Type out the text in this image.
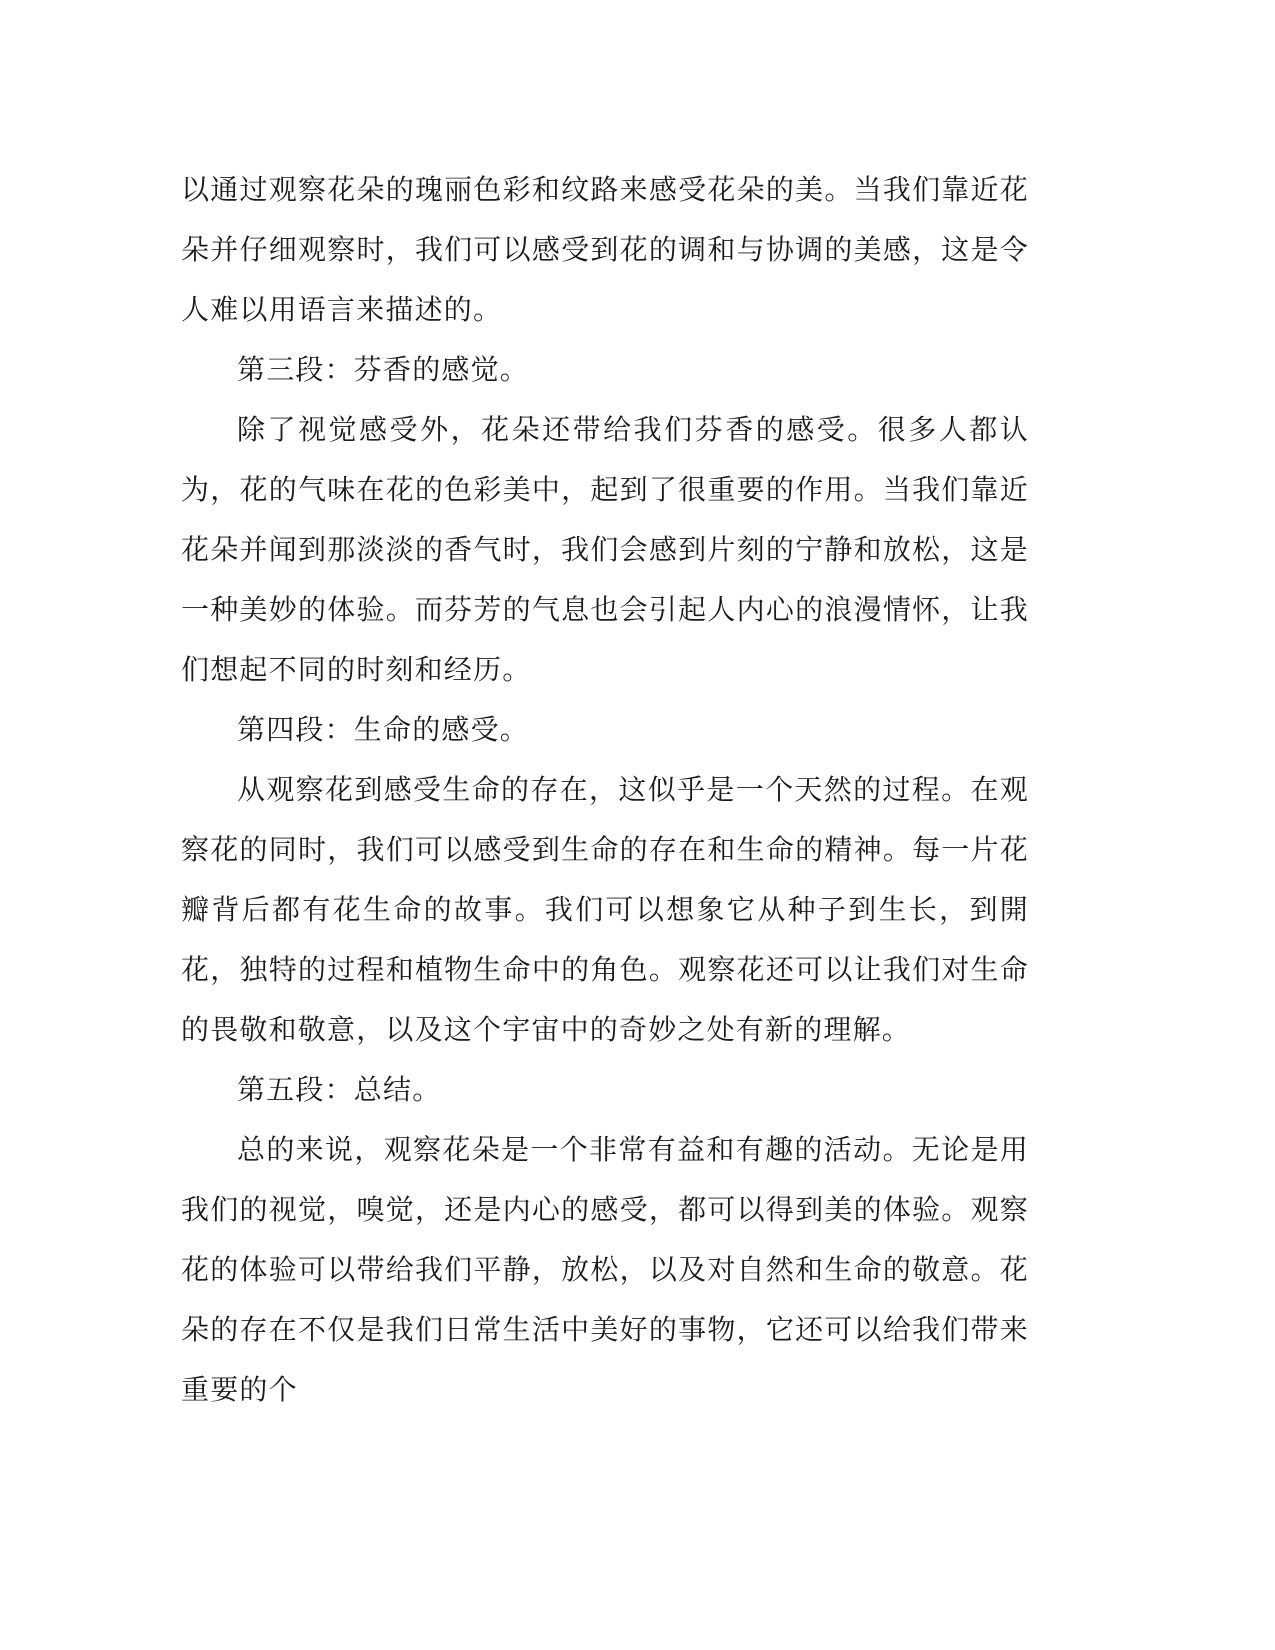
以通过观察花朵的瑰丽色彩和纹路来感受花朵的美。当我们靠近花朵并仔细观察时，我们可以感受到花的调和与协调的美感，这是令人难以用语言来描述的。

第三段：芬香的感觉。

除了视觉感受外，花朵还带给我们芬香的感受。很多人都认为，花的气味在花的色彩美中，起到了很重要的作用。当我们靠近花朵并闻到那淡淡的香气时，我们会感到片刻的宁静和放松，这是一种美妙的体验。而芬芳的气息也会引起人内心的浪漫情怀，让我们想起不同的时刻和经历。

第四段：生命的感受。

从观察花到感受生命的存在，这似乎是一个天然的过程。在观察花的同时，我们可以感受到生命的存在和生命的精神。每一片花瓣背后都有花生命的故事。我们可以想象它从种子到生长，到開花，独特的过程和植物生命中的角色。观察花还可以让我们对生命的畏敬和敬意，以及这个宇宙中的奇妙之处有新的理解。

第五段：总结。

总的来说，观察花朵是一个非常有益和有趣的活动。无论是用我们的视觉，嗅觉，还是内心的感受，都可以得到美的体验。观察花的体验可以带给我们平静，放松，以及对自然和生命的敬意。花朵的存在不仅是我们日常生活中美好的事物，它还可以给我们带来重要的个
